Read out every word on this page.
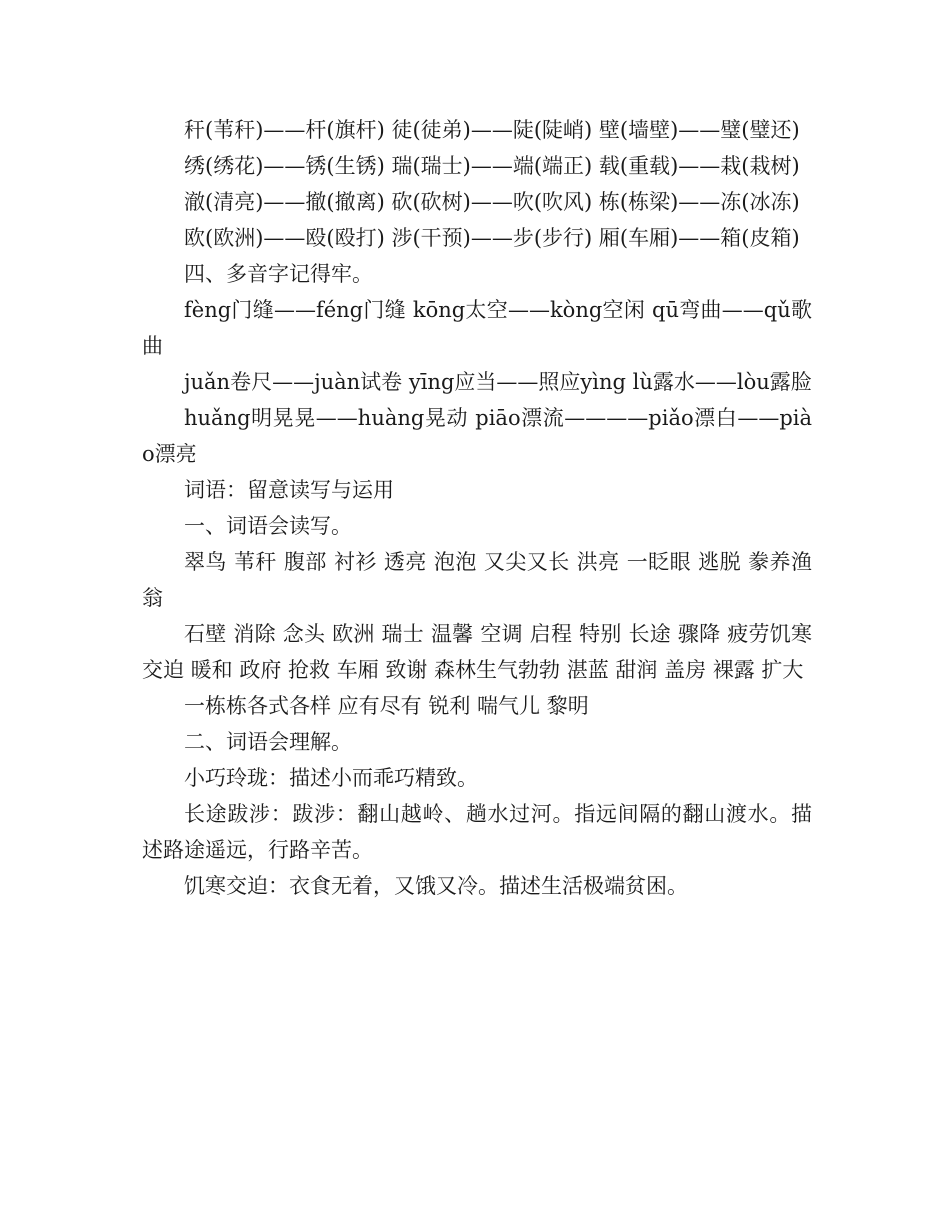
秆(苇秆)——杆(旗杆) 徒(徒弟)——陡(陡峭) 壁(墙壁)——璧(璧还)

绣(绣花)——锈(生锈) 瑞(瑞士)——端(端正) 载(重载)——栽(栽树)

澈(清亮)——撤(撤离) 砍(砍树)——吹(吹风) 栋(栋梁)——冻(冰冻)

欧(欧洲)——殴(殴打) 涉(干预)——步(步行) 厢(车厢)——箱(皮箱)

四、多音字记得牢。

fèng门缝——féng门缝 kōng太空——kòng空闲 qū弯曲——qǔ歌曲

juǎn卷尺——juàn试卷 yīng应当——照应yìng lù露水——lòu露脸

huǎng明晃晃——huàng晃动 piāo漂流————piǎo漂白——piào漂亮

词语：留意读写与运用

一、词语会读写。

翠鸟 苇秆 腹部 衬衫 透亮 泡泡 又尖又长 洪亮 一眨眼 逃脱 豢养渔翁

石壁 消除 念头 欧洲 瑞士 温馨 空调 启程 特别 长途 骤降 疲劳饥寒交迫 暖和 政府 抢救 车厢 致谢 森林生气勃勃 湛蓝 甜润 盖房 裸露 扩大

一栋栋各式各样 应有尽有 锐利 喘气儿 黎明

二、词语会理解。

小巧玲珑：描述小而乖巧精致。

长途跋涉：跋涉：翻山越岭、趟水过河。指远间隔的翻山渡水。描述路途遥远，行路辛苦。

饥寒交迫：衣食无着，又饿又冷。描述生活极端贫困。
